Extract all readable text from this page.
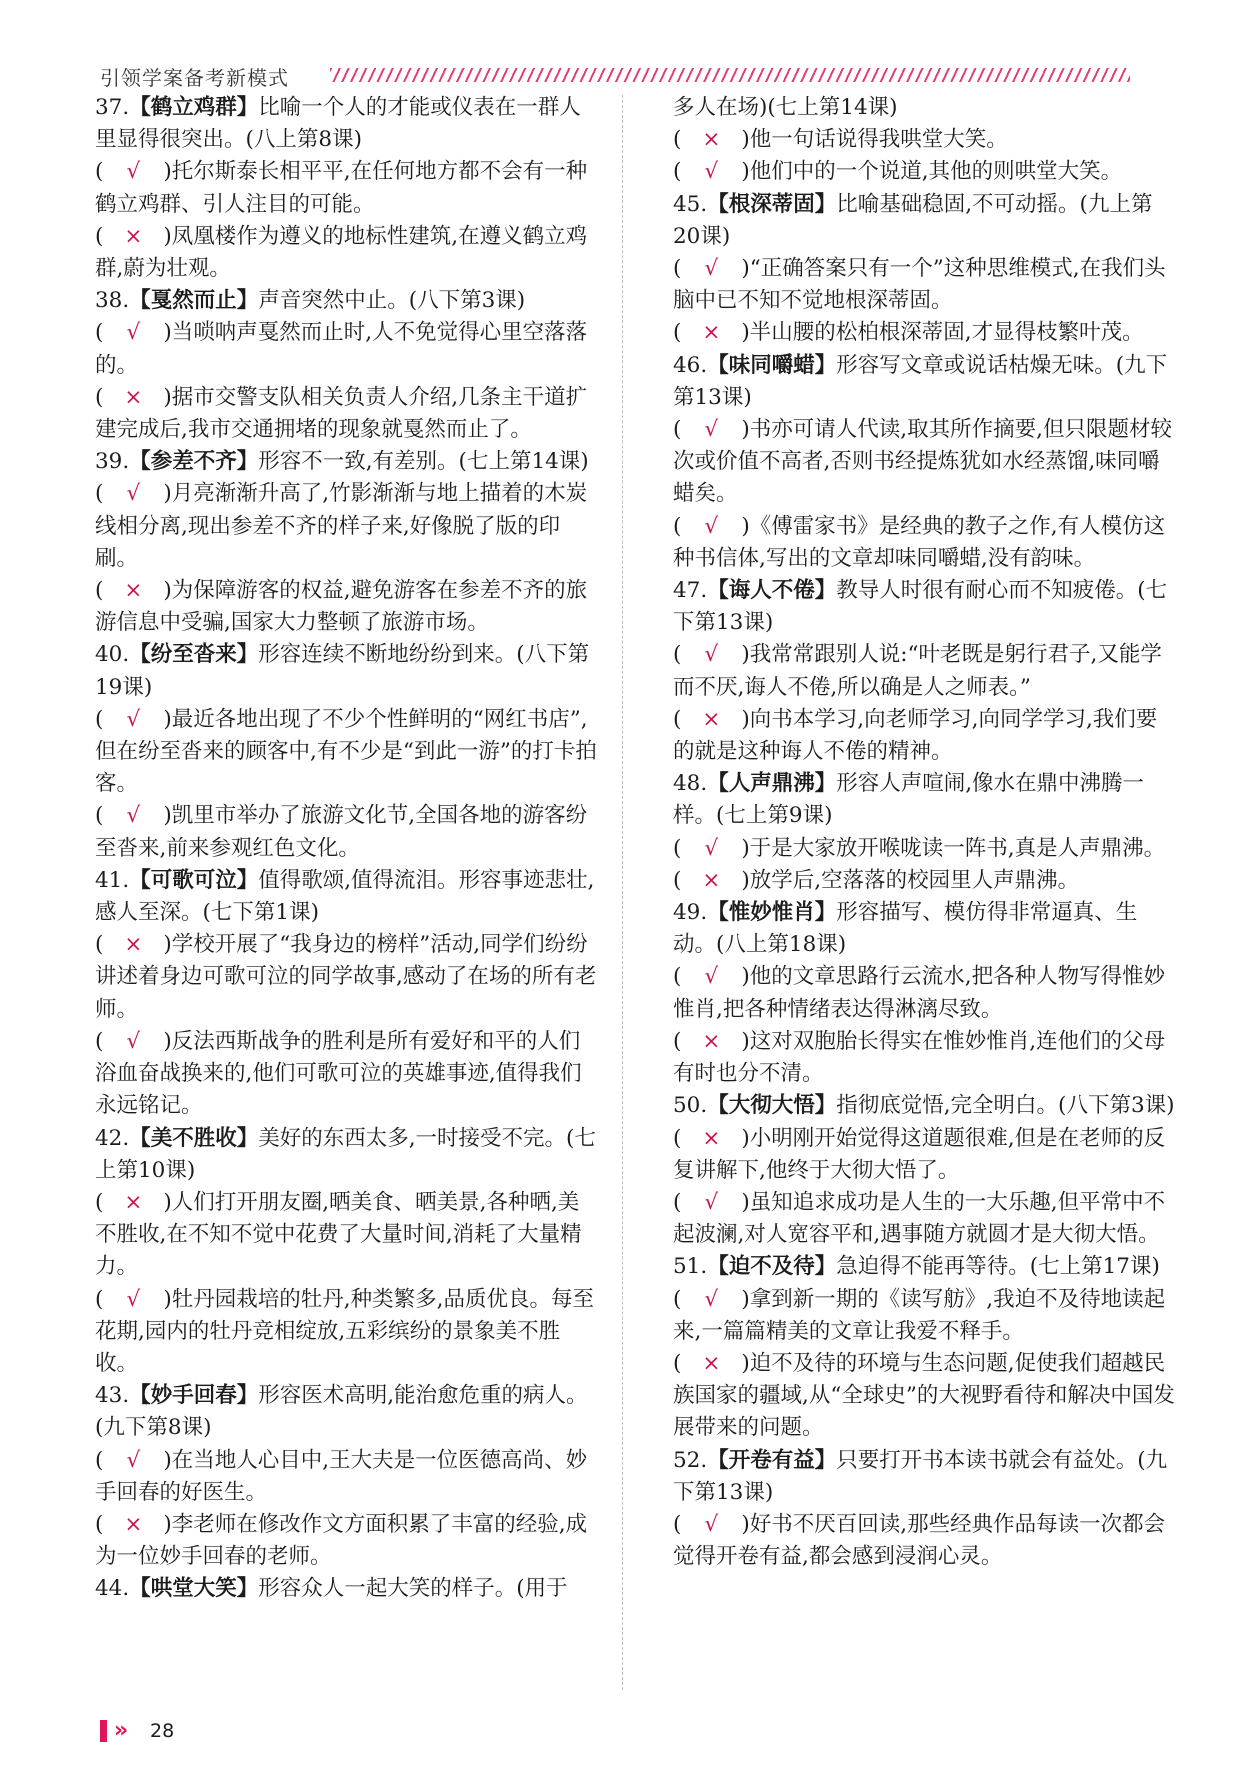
引领学案备考新模式
37.【鹤立鸡群】比喻一个人的才能或仪表在一群人里显得很突出。(八上第8课)
( √ )托尔斯泰长相平平,在任何地方都不会有一种鹤立鸡群、引人注目的可能。
( × )凤凰楼作为遵义的地标性建筑,在遵义鹤立鸡群,蔚为壮观。
38.【戛然而止】声音突然中止。(八下第3课)
( √ )当唢呐声戛然而止时,人不免觉得心里空落落的。
( × )据市交警支队相关负责人介绍,几条主干道扩建完成后,我市交通拥堵的现象就戛然而止了。
39.【参差不齐】形容不一致,有差别。(七上第14课)
( √ )月亮渐渐升高了,竹影渐渐与地上描着的木炭线相分离,现出参差不齐的样子来,好像脱了版的印刷。
( × )为保障游客的权益,避免游客在参差不齐的旅游信息中受骗,国家大力整顿了旅游市场。
40.【纷至沓来】形容连续不断地纷纷到来。(八下第19课)
( √ )最近各地出现了不少个性鲜明的“网红书店”,但在纷至沓来的顾客中,有不少是“到此一游”的打卡拍客。
( √ )凯里市举办了旅游文化节,全国各地的游客纷至沓来,前来参观红色文化。
41.【可歌可泣】值得歌颂,值得流泪。形容事迹悲壮,感人至深。(七下第1课)
( × )学校开展了“我身边的榜样”活动,同学们纷纷讲述着身边可歌可泣的同学故事,感动了在场的所有老师。
( √ )反法西斯战争的胜利是所有爱好和平的人们浴血奋战换来的,他们可歌可泣的英雄事迹,值得我们永远铭记。
42.【美不胜收】美好的东西太多,一时接受不完。(七上第10课)
( × )人们打开朋友圈,晒美食、晒美景,各种晒,美不胜收,在不知不觉中花费了大量时间,消耗了大量精力。
( √ )牡丹园栽培的牡丹,种类繁多,品质优良。每至花期,园内的牡丹竞相绽放,五彩缤纷的景象美不胜收。
43.【妙手回春】形容医术高明,能治愈危重的病人。(九下第8课)
( √ )在当地人心目中,王大夫是一位医德高尚、妙手回春的好医生。
( × )李老师在修改作文方面积累了丰富的经验,成为一位妙手回春的老师。
44.【哄堂大笑】形容众人一起大笑的样子。(用于
多人在场)(七上第14课)
( × )他一句话说得我哄堂大笑。
( √ )他们中的一个说道,其他的则哄堂大笑。
45.【根深蒂固】比喻基础稳固,不可动摇。(九上第20课)
( √ )“正确答案只有一个”这种思维模式,在我们头脑中已不知不觉地根深蒂固。
( × )半山腰的松柏根深蒂固,才显得枝繁叶茂。
46.【味同嚼蜡】形容写文章或说话枯燥无味。(九下第13课)
( √ )书亦可请人代读,取其所作摘要,但只限题材较次或价值不高者,否则书经提炼犹如水经蒸馏,味同嚼蜡矣。
( √ )《傅雷家书》是经典的教子之作,有人模仿这种书信体,写出的文章却味同嚼蜡,没有韵味。
47.【诲人不倦】教导人时很有耐心而不知疲倦。(七下第13课)
( √ )我常常跟别人说:“叶老既是躬行君子,又能学而不厌,诲人不倦,所以确是人之师表。”
( × )向书本学习,向老师学习,向同学学习,我们要的就是这种诲人不倦的精神。
48.【人声鼎沸】形容人声喧闹,像水在鼎中沸腾一样。(七上第9课)
( √ )于是大家放开喉咙读一阵书,真是人声鼎沸。
( × )放学后,空落落的校园里人声鼎沸。
49.【惟妙惟肖】形容描写、模仿得非常逼真、生动。(八上第18课)
( √ )他的文章思路行云流水,把各种人物写得惟妙惟肖,把各种情绪表达得淋漓尽致。
( × )这对双胞胎长得实在惟妙惟肖,连他们的父母有时也分不清。
50.【大彻大悟】指彻底觉悟,完全明白。(八下第3课)
( × )小明刚开始觉得这道题很难,但是在老师的反复讲解下,他终于大彻大悟了。
( √ )虽知追求成功是人生的一大乐趣,但平常中不起波澜,对人宽容平和,遇事随方就圆才是大彻大悟。
51.【迫不及待】急迫得不能再等待。(七上第17课)
( √ )拿到新一期的《读写舫》,我迫不及待地读起来,一篇篇精美的文章让我爱不释手。
( × )迫不及待的环境与生态问题,促使我们超越民族国家的疆域,从“全球史”的大视野看待和解决中国发展带来的问题。
52.【开卷有益】只要打开书本读书就会有益处。(九下第13课)
( √ )好书不厌百回读,那些经典作品每读一次都会觉得开卷有益,都会感到浸润心灵。
» 28
